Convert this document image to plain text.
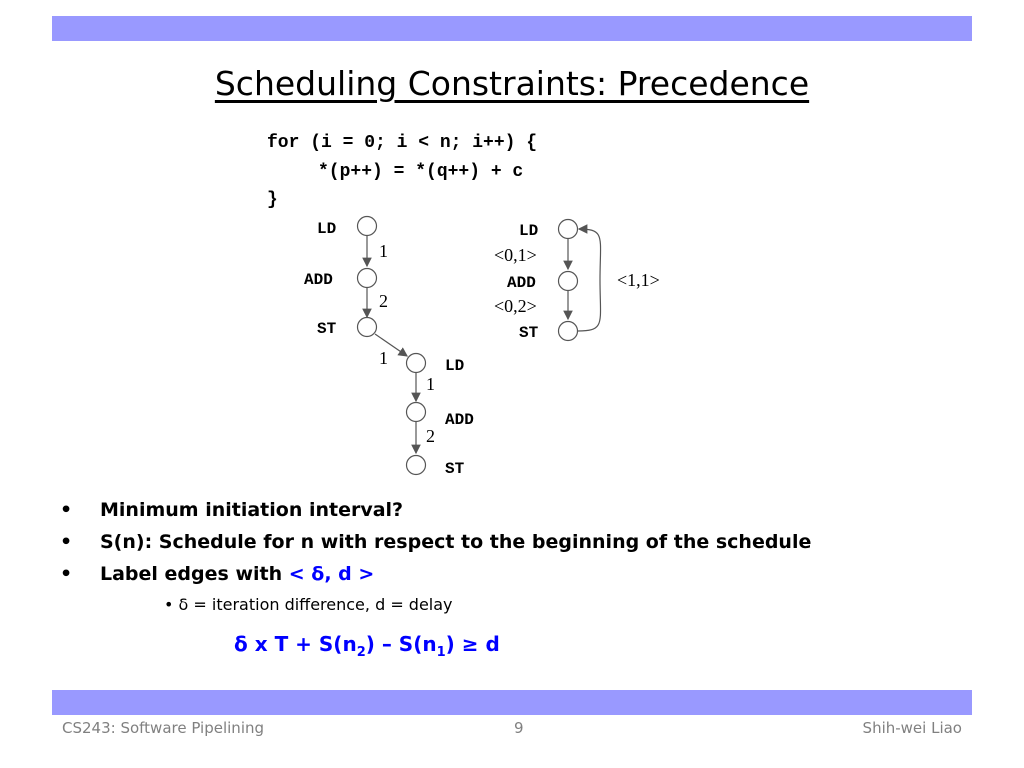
Scheduling Constraints: Precedence
for (i = 0; i < n; i++) {
*(p++) = *(q++) + c
}
LD
ADD
ST
LD
ADD
ST
1
2
1
1
2
LD
ADD
ST
<0,1>
<0,2>
<1,1>
• Minimum initiation interval?
• S(n): Schedule for n with respect to the beginning of the schedule
• Label edges with < δ, d >
• δ = iteration difference, d = delay
δ x $T + S(n_2) - S(n_1) \ge d$
CS243: Software Pipelining	9	Shih-wei Liao
